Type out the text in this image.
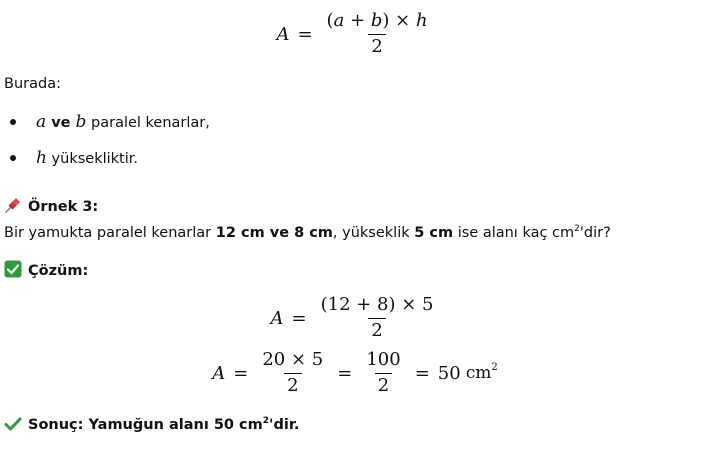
$A = \frac{(a + b) \times h}{2}$

Burada:

a ve b paralel kenarlar,
h yüksekliktir.
Örnek 3:

Bir yamukta paralel kenarlar 12 cm ve 8 cm, yükseklik 5 cm ise alanı kaç $cm^2'dir$?

Çözüm:
$A = \frac{(12 + 8) \times 5}{2}$
$A = \frac{20 \times 5}{2} = \frac{100}{2} = 50$ $cm^2$
Sonuç: Yamuğun alanı 50 $cm^2'dir$.
